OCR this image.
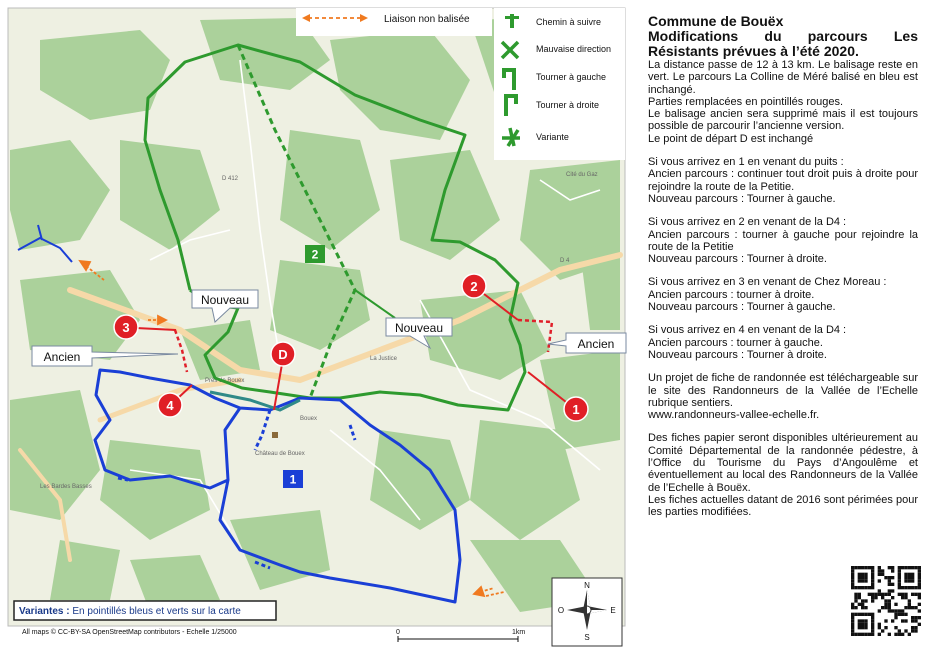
Cité du Gaz
Bouex
Prés de Bouex
La Justice
Château de Bouex
Les Bardes Basses
D 412
D 4
2
1
Nouveau
Nouveau
Ancien
Ancien
1
2
3
4
D
Liaison non balisée	Chemin à suivre
Mauvaise direction
Tourner à gauche
Tourner à droite
Variante
Variantes : En pointillés bleus et verts sur la carte
N
S
E
O
All maps © CC-BY-SA OpenStreetMap contributors - Echelle 1/25000	0	1km
Commune de Bouëx
Modifications du parcours Les Résistants prévues à l’été 2020.

La distance passe de 12 à 13 km. Le balisage reste en vert. Le parcours La Colline de Méré balisé en bleu est inchangé.
Parties remplacées en pointillés rouges.
Le balisage ancien sera supprimé mais il est toujours possible de parcourir l’ancienne version.
Le point de départ D est inchangé

Si vous arrivez en 1 en venant du puits :
Ancien parcours : continuer tout droit puis à droite pour rejoindre la route de la Petitie.
Nouveau parcours : Tourner à gauche.

Si vous arrivez en 2 en venant de la D4 :
Ancien parcours : tourner à gauche pour rejoindre la route de la Petitie
Nouveau parcours : Tourner à droite.

Si vous arrivez en 3 en venant de Chez Moreau :
Ancien parcours : tourner à droite.
Nouveau parcours : Tourner à gauche.

Si vous arrivez en 4 en venant de la D4 :
Ancien parcours : tourner à gauche.
Nouveau parcours : Tourner à droite.

Un projet de fiche de randonnée est téléchargeable sur le site des Randonneurs de la Vallée de l’Echelle rubrique sentiers.
www.randonneurs-vallee-echelle.fr.

Des fiches papier seront disponibles ultérieurement au Comité Départemental de la randonnée pédestre, à l’Office du Tourisme du Pays d’Angoulême et éventuellement au local des Randonneurs de la Vallée de l’Echelle à Bouëx.
Les fiches actuelles datant de 2016 sont périmées pour les parties modifiées.
